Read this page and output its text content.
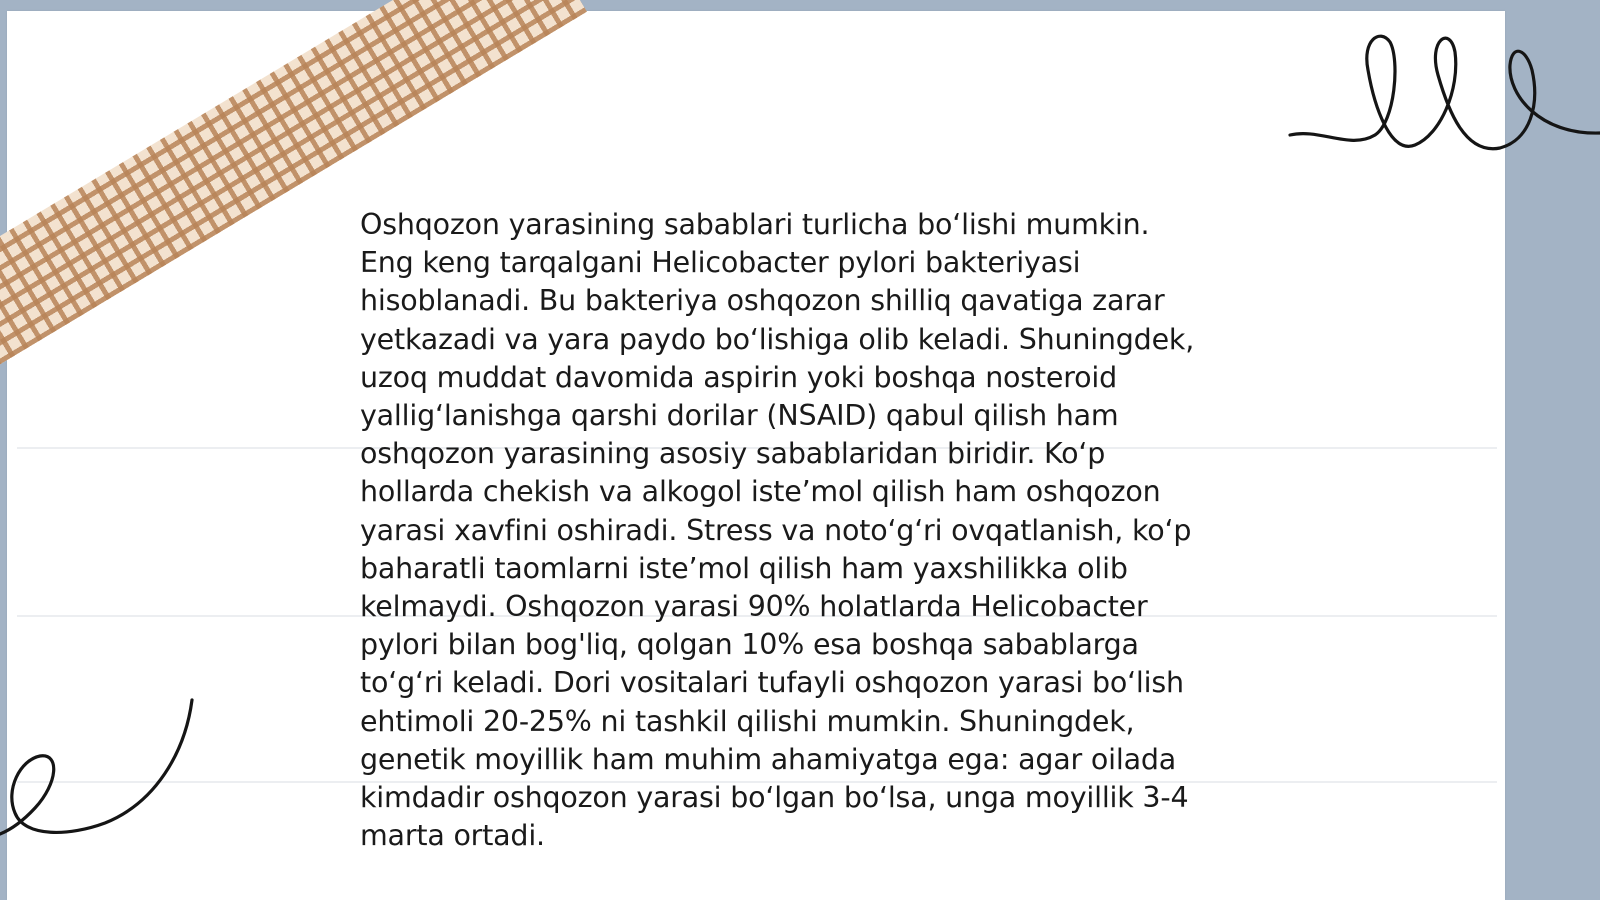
Oshqozon yarasining sabablari turlicha bo‘lishi mumkin.
Eng keng tarqalgani Helicobacter pylori bakteriyasi
hisoblanadi. Bu bakteriya oshqozon shilliq qavatiga zarar
yetkazadi va yara paydo bo‘lishiga olib keladi. Shuningdek,
uzoq muddat davomida aspirin yoki boshqa nosteroid
yallig‘lanishga qarshi dorilar (NSAID) qabul qilish ham
oshqozon yarasining asosiy sabablaridan biridir. Ko‘p
hollarda chekish va alkogol iste’mol qilish ham oshqozon
yarasi xavfini oshiradi. Stress va noto‘g‘ri ovqatlanish, ko‘p
baharatli taomlarni iste’mol qilish ham yaxshilikka olib
kelmaydi. Oshqozon yarasi 90% holatlarda Helicobacter
pylori bilan bog'liq, qolgan 10% esa boshqa sabablarga
to‘g‘ri keladi. Dori vositalari tufayli oshqozon yarasi bo‘lish
ehtimoli 20-25% ni tashkil qilishi mumkin. Shuningdek,
genetik moyillik ham muhim ahamiyatga ega: agar oilada
kimdadir oshqozon yarasi bo‘lgan bo‘lsa, unga moyillik 3-4
marta ortadi.
